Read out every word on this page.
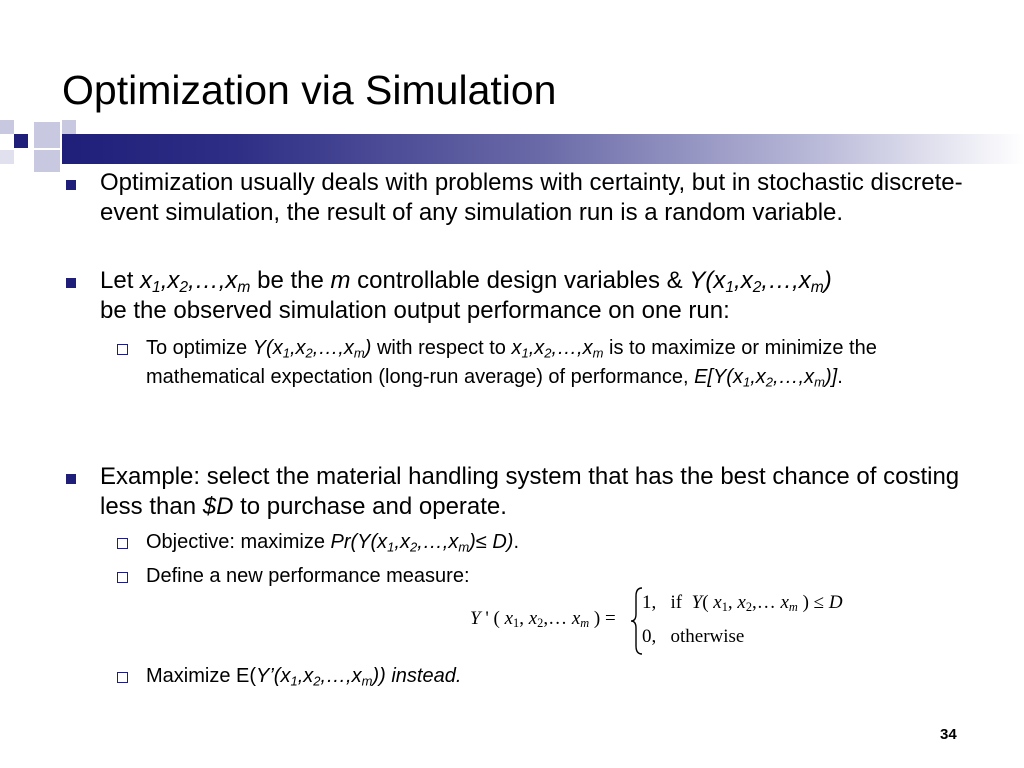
Optimization via Simulation
Optimization usually deals with problems with certainty, but in stochastic discrete-event simulation, the result of any simulation run is a random variable.
Let $x_1,x_2,\dots,x_m$ be the m controllable design variables & $Y(x_1,x_2,\dots,x_m)$
be the observed simulation output performance on one run:
To optimize $Y(x_1,x_2,\dots,x_m)$ with respect to $x_1,x_2,\dots,x_m$ is to maximize or minimize the mathematical expectation (long-run average) of performance, $E[Y(x_1,x_2,\dots,x_m)]$.
Example: select the material handling system that has the best chance of costing less than $D to purchase and operate.
Objective: maximize $Pr(Y(x_1,x_2,\dots,x_m)\le D)$.
Define a new performance measure:
Y ' ( $x_1$, $x_2,\dots$ $x_m$ ) =
1,   if  Y( $x_1$, $x_2,\dots$ $x_m$ ) ≤ D
0,   otherwise
Maximize $E(Y’(x_1,x_2,\dots,x_m))$ instead.
34
